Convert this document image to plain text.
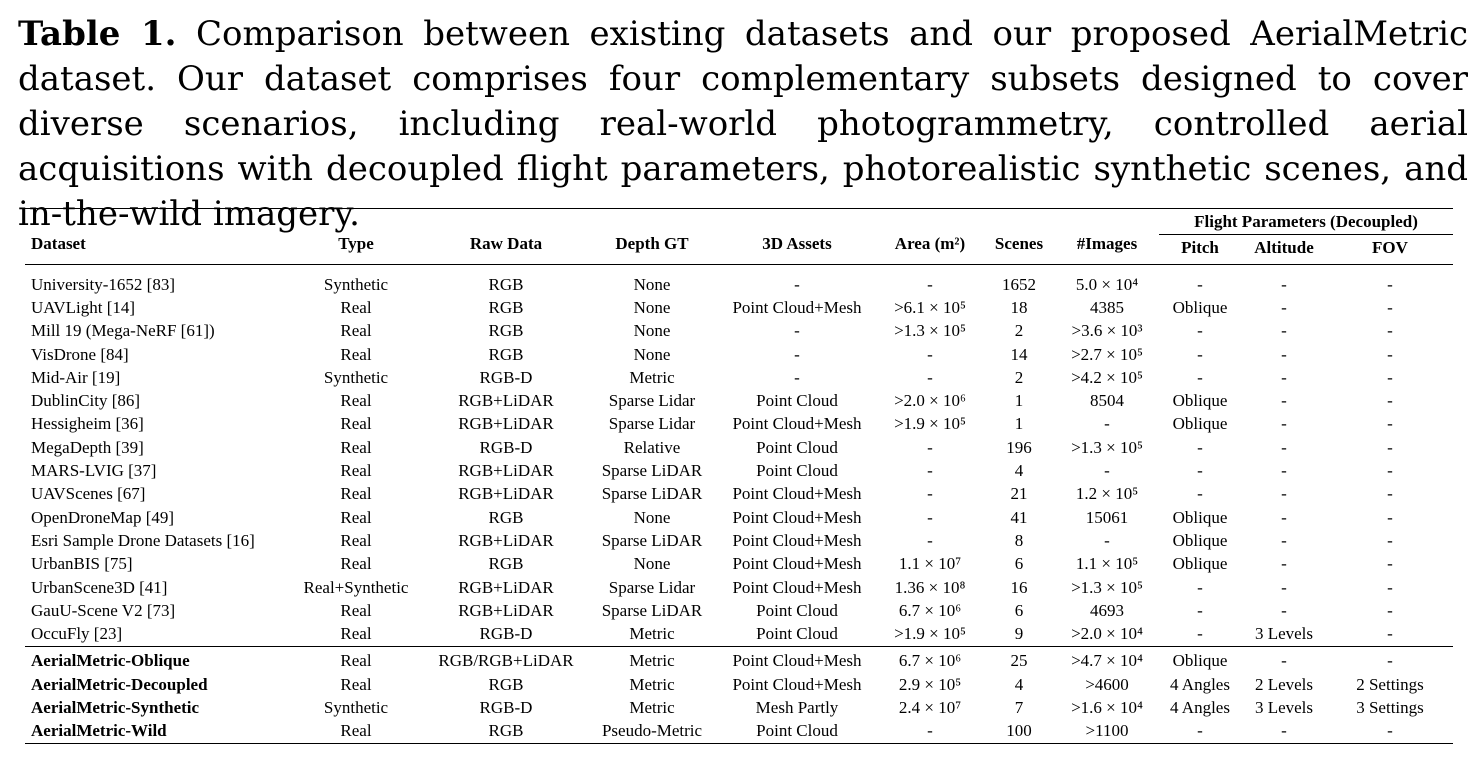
Table 1. Comparison between existing datasets and our proposed AerialMetric dataset. Our dataset comprises four complementary subsets designed to cover diverse scenarios, including real-world photogrammetry, controlled aerial acquisitions with decoupled flight parameters, photorealistic synthetic scenes, and in-the-wild imagery.
Dataset	Type	Raw Data	Depth GT	3D Assets	Area (m²)	Scenes	#Images	Flight Parameters (Decoupled)		
								Pitch	Altitude	FOV
University-1652 [83]	Synthetic	RGB	None	-	-	1652	5.0 × 10⁴	-	-	-
UAVLight [14]	Real	RGB	None	Point Cloud+Mesh	>6.1 × 10⁵	18	4385	Oblique	-	-
Mill 19 (Mega-NeRF [61])	Real	RGB	None	-	>1.3 × 10⁵	2	>3.6 × 10³	-	-	-
VisDrone [84]	Real	RGB	None	-	-	14	>2.7 × 10⁵	-	-	-
Mid-Air [19]	Synthetic	RGB-D	Metric	-	-	2	>4.2 × 10⁵	-	-	-
DublinCity [86]	Real	RGB+LiDAR	Sparse Lidar	Point Cloud	>2.0 × 10⁶	1	8504	Oblique	-	-
Hessigheim [36]	Real	RGB+LiDAR	Sparse Lidar	Point Cloud+Mesh	>1.9 × 10⁵	1	-	Oblique	-	-
MegaDepth [39]	Real	RGB-D	Relative	Point Cloud	-	196	>1.3 × 10⁵	-	-	-
MARS-LVIG [37]	Real	RGB+LiDAR	Sparse LiDAR	Point Cloud	-	4	-	-	-	-
UAVScenes [67]	Real	RGB+LiDAR	Sparse LiDAR	Point Cloud+Mesh	-	21	1.2 × 10⁵	-	-	-
OpenDroneMap [49]	Real	RGB	None	Point Cloud+Mesh	-	41	15061	Oblique	-	-
Esri Sample Drone Datasets [16]	Real	RGB+LiDAR	Sparse LiDAR	Point Cloud+Mesh	-	8	-	Oblique	-	-
UrbanBIS [75]	Real	RGB	None	Point Cloud+Mesh	1.1 × 10⁷	6	1.1 × 10⁵	Oblique	-	-
UrbanScene3D [41]	Real+Synthetic	RGB+LiDAR	Sparse Lidar	Point Cloud+Mesh	1.36 × 10⁸	16	>1.3 × 10⁵	-	-	-
GauU-Scene V2 [73]	Real	RGB+LiDAR	Sparse LiDAR	Point Cloud	6.7 × 10⁶	6	4693	-	-	-
OccuFly [23]	Real	RGB-D	Metric	Point Cloud	>1.9 × 10⁵	9	>2.0 × 10⁴	-	3 Levels	-
AerialMetric-Oblique	Real	RGB/RGB+LiDAR	Metric	Point Cloud+Mesh	6.7 × 10⁶	25	>4.7 × 10⁴	Oblique	-	-
AerialMetric-Decoupled	Real	RGB	Metric	Point Cloud+Mesh	2.9 × 10⁵	4	>4600	4 Angles	2 Levels	2 Settings
AerialMetric-Synthetic	Synthetic	RGB-D	Metric	Mesh Partly	2.4 × 10⁷	7	>1.6 × 10⁴	4 Angles	3 Levels	3 Settings
AerialMetric-Wild	Real	RGB	Pseudo-Metric	Point Cloud	-	100	>1100	-	-	-
